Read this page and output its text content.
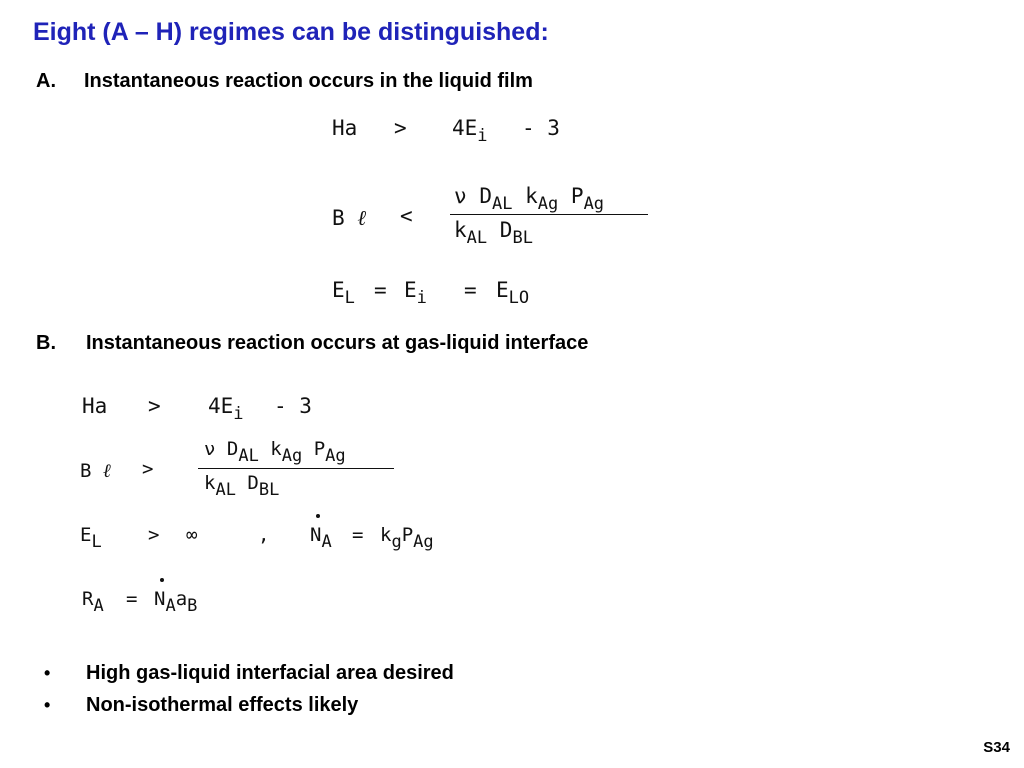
Eight (A – H) regimes can be distinguished:
A. Instantaneous reaction occurs in the liquid film
$Ha > 4E_i - 3$
B ℓ <
ν $D_{AL}$ $k_{Ag}$ $P_{Ag}$
$k_{AL}$ $D_{BL}$
$E_L = E_i = E_{LO}$
B. Instantaneous reaction occurs at gas-liquid interface
$Ha > 4E_i - 3$
B ℓ >
ν DAL kAg PAg
kAL DBL
EL > ∞	, NA = kgPAg
RA = NAaB
•	High gas-liquid interfacial area desired
•	Non-isothermal effects likely
S34
